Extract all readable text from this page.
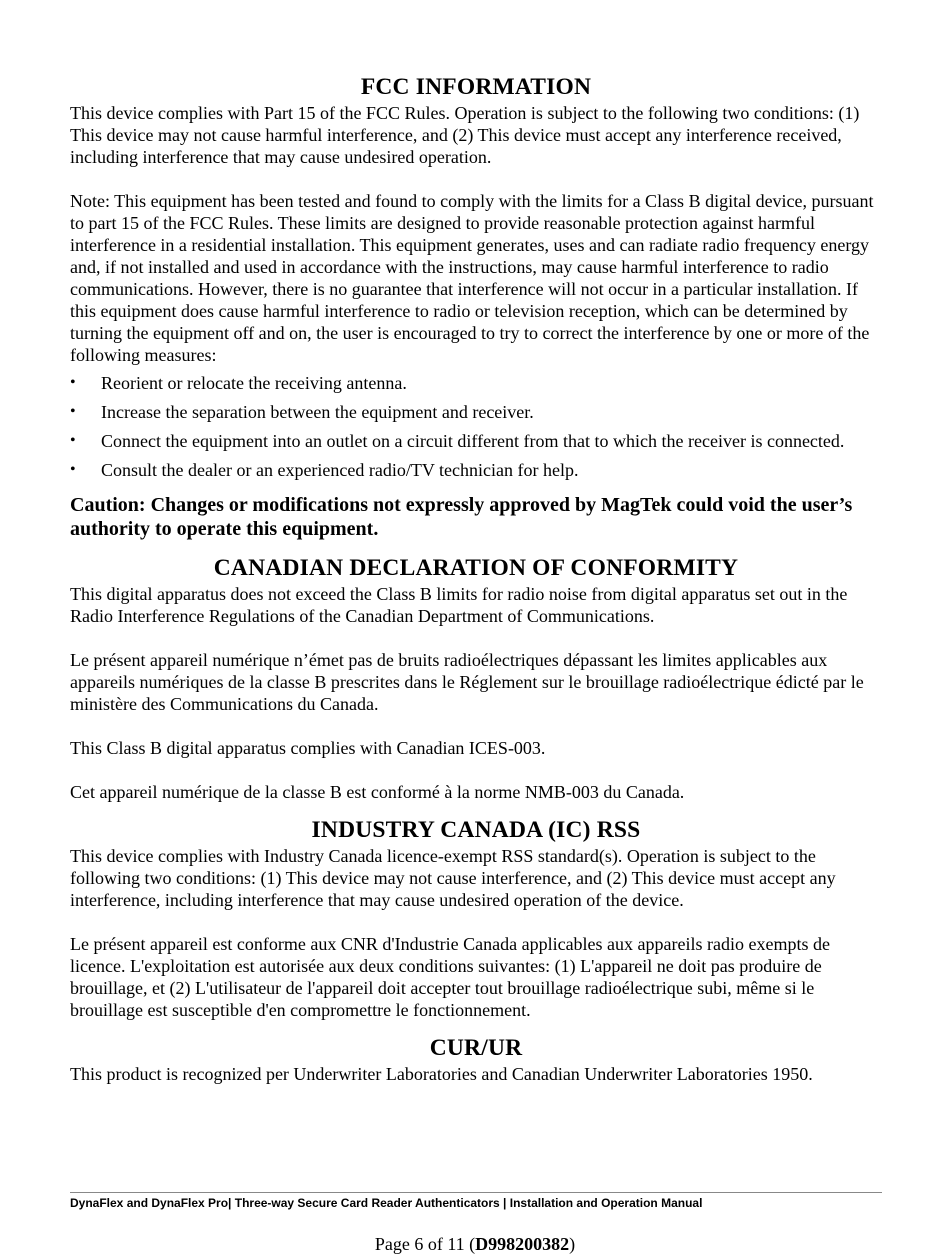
FCC INFORMATION

This device complies with Part 15 of the FCC Rules. Operation is subject to the following two conditions: (1) This device may not cause harmful interference, and (2) This device must accept any interference received, including interference that may cause undesired operation.

Note: This equipment has been tested and found to comply with the limits for a Class B digital device, pursuant to part 15 of the FCC Rules. These limits are designed to provide reasonable protection against harmful interference in a residential installation. This equipment generates, uses and can radiate radio frequency energy and, if not installed and used in accordance with the instructions, may cause harmful interference to radio communications. However, there is no guarantee that interference will not occur in a particular installation. If this equipment does cause harmful interference to radio or television reception, which can be determined by turning the equipment off and on, the user is encouraged to try to correct the interference by one or more of the following measures:

• Reorient or relocate the receiving antenna.
• Increase the separation between the equipment and receiver.
• Connect the equipment into an outlet on a circuit different from that to which the receiver is connected.
• Consult the dealer or an experienced radio/TV technician for help.

Caution: Changes or modifications not expressly approved by MagTek could void the user’s authority to operate this equipment.

CANADIAN DECLARATION OF CONFORMITY

This digital apparatus does not exceed the Class B limits for radio noise from digital apparatus set out in the Radio Interference Regulations of the Canadian Department of Communications.

Le présent appareil numérique n’émet pas de bruits radioélectriques dépassant les limites applicables aux appareils numériques de la classe B prescrites dans le Réglement sur le brouillage radioélectrique édicté par le ministère des Communications du Canada.

This Class B digital apparatus complies with Canadian ICES-003.

Cet appareil numérique de la classe B est conformé à la norme NMB-003 du Canada.

INDUSTRY CANADA (IC) RSS

This device complies with Industry Canada licence-exempt RSS standard(s). Operation is subject to the following two conditions: (1) This device may not cause interference, and (2) This device must accept any interference, including interference that may cause undesired operation of the device.

Le présent appareil est conforme aux CNR d'Industrie Canada applicables aux appareils radio exempts de licence. L'exploitation est autorisée aux deux conditions suivantes: (1) L'appareil ne doit pas produire de brouillage, et (2) L'utilisateur de l'appareil doit accepter tout brouillage radioélectrique subi, même si le brouillage est susceptible d'en compromettre le fonctionnement.

CUR/UR

This product is recognized per Underwriter Laboratories and Canadian Underwriter Laboratories 1950.

DynaFlex and DynaFlex Pro| Three-way Secure Card Reader Authenticators | Installation and Operation Manual
Page 6 of 11 (D998200382)
